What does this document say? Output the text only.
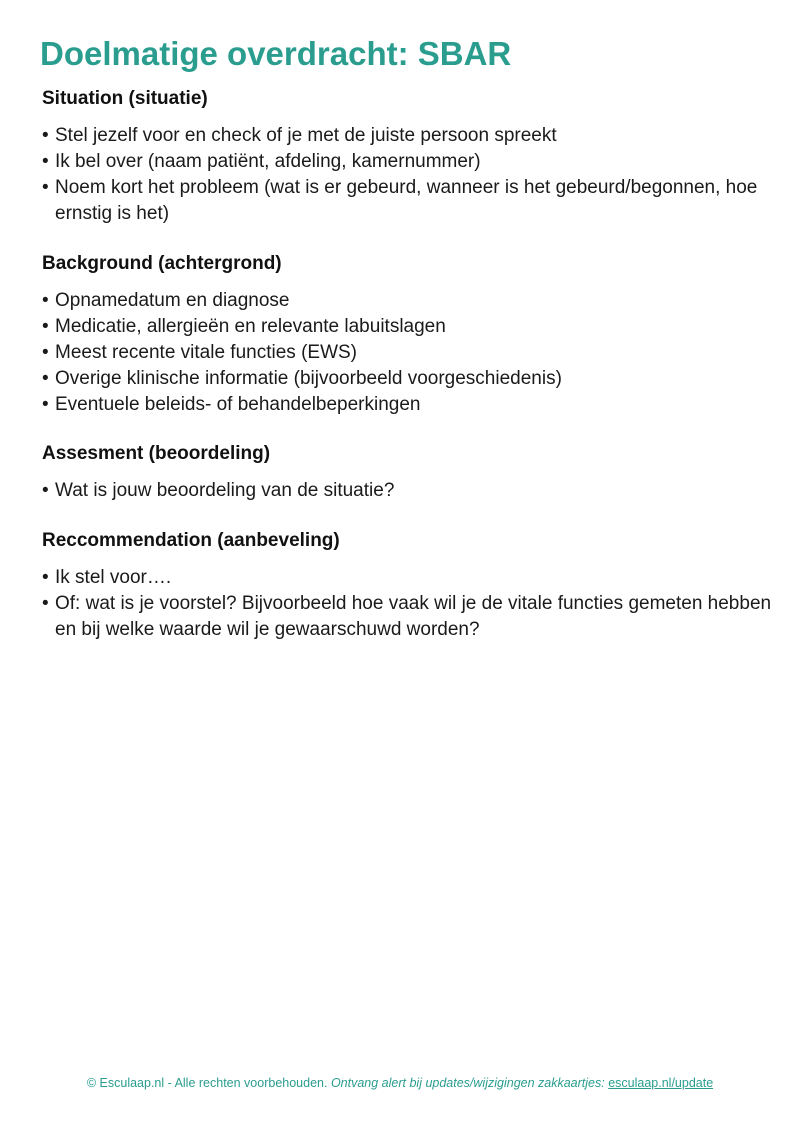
Doelmatige overdracht: SBAR
Situation (situatie)
• Stel jezelf voor en check of je met de juiste persoon spreekt
• Ik bel over (naam patiënt, afdeling, kamernummer)
• Noem kort het probleem (wat is er gebeurd, wanneer is het gebeurd/begonnen, hoe ernstig is het)
Background (achtergrond)
• Opnamedatum en diagnose
• Medicatie, allergieën en relevante labuitslagen
• Meest recente vitale functies (EWS)
• Overige klinische informatie (bijvoorbeeld voorgeschiedenis)
• Eventuele beleids- of behandelbeperkingen
Assesment (beoordeling)
• Wat is jouw beoordeling van de situatie?
Reccommendation (aanbeveling)
• Ik stel voor….
• Of: wat is je voorstel? Bijvoorbeeld hoe vaak wil je de vitale functies gemeten hebben en bij welke waarde wil je gewaarschuwd worden?
© Esculaap.nl - Alle rechten voorbehouden. Ontvang alert bij updates/wijzigingen zakkaartjes: esculaap.nl/update
